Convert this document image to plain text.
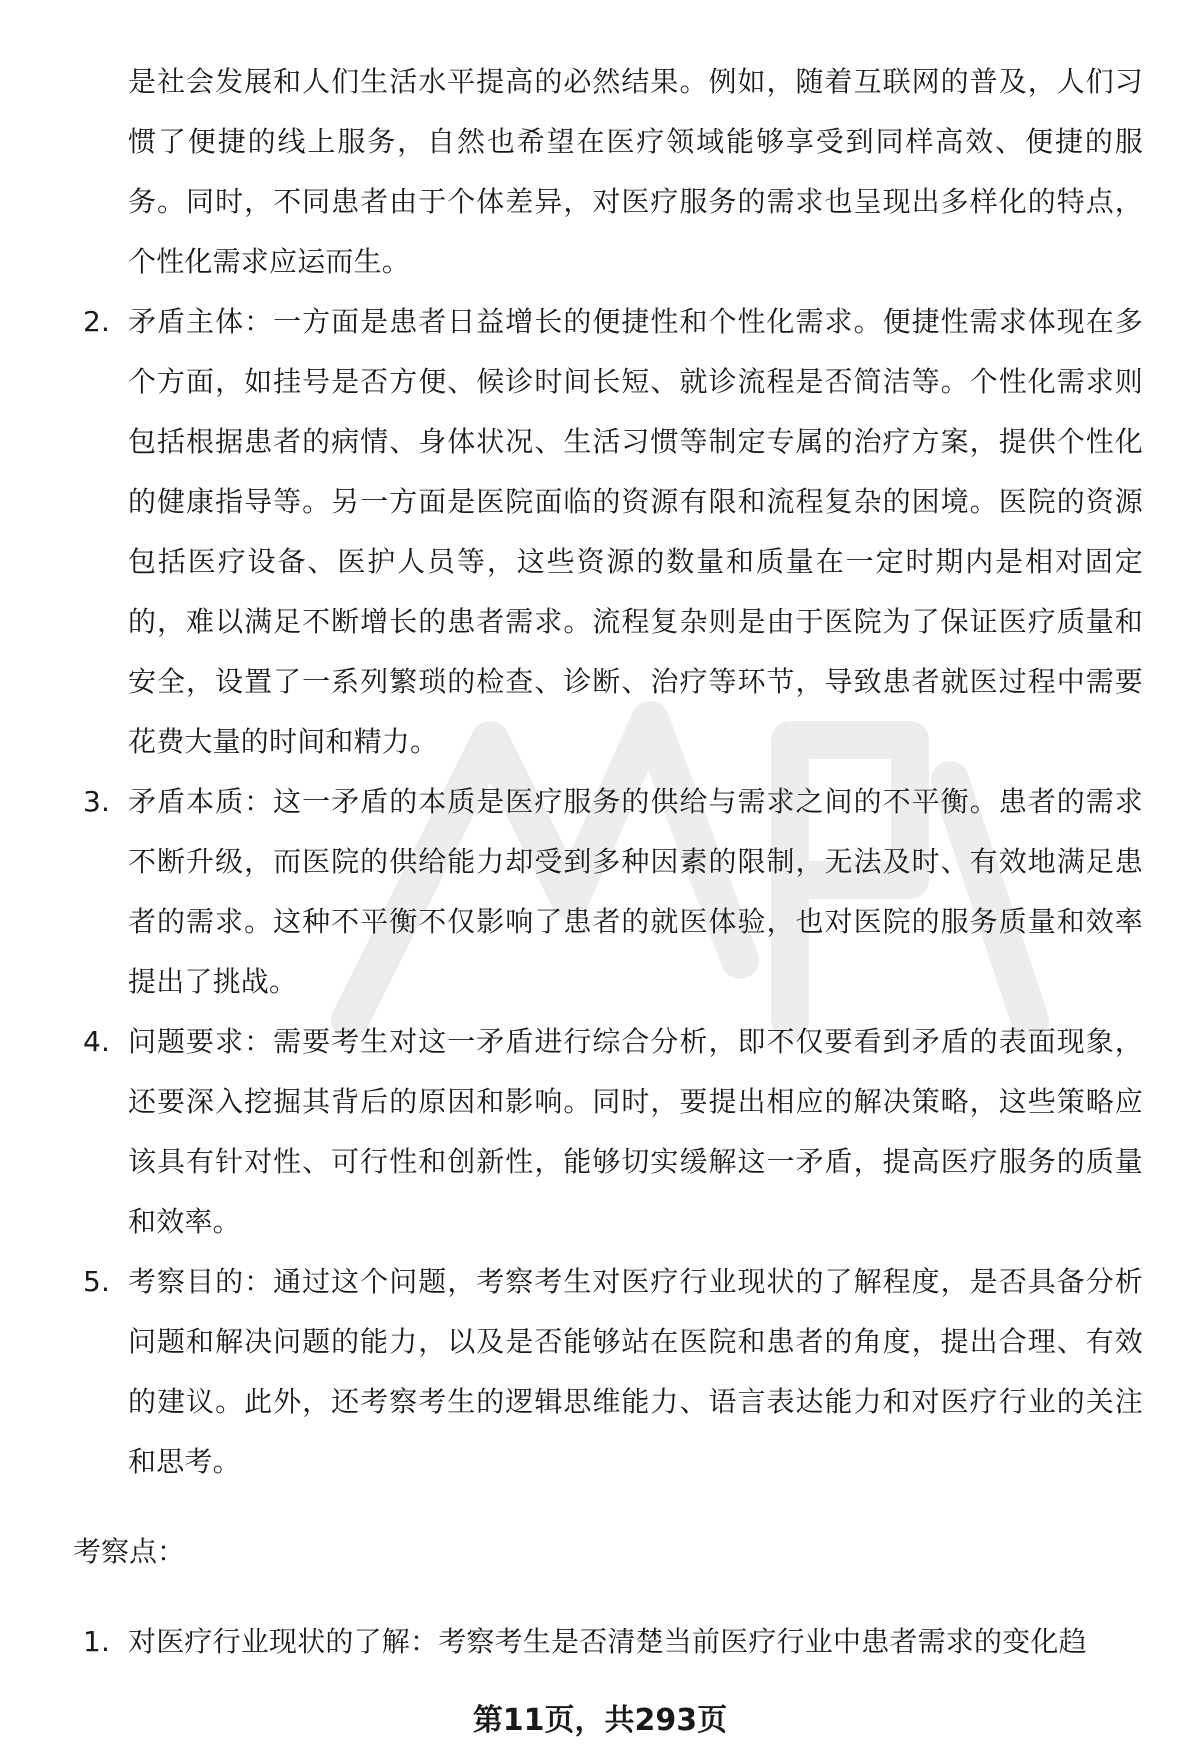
是社会发展和人们生活水平提高的必然结果。例如，随着互联网的普及，人们习惯了便捷的线上服务，自然也希望在医疗领域能够享受到同样高效、便捷的服务。同时，不同患者由于个体差异，对医疗服务的需求也呈现出多样化的特点，个性化需求应运而生。
2. 矛盾主体：一方面是患者日益增长的便捷性和个性化需求。便捷性需求体现在多个方面，如挂号是否方便、候诊时间长短、就诊流程是否简洁等。个性化需求则包括根据患者的病情、身体状况、生活习惯等制定专属的治疗方案，提供个性化的健康指导等。另一方面是医院面临的资源有限和流程复杂的困境。医院的资源包括医疗设备、医护人员等，这些资源的数量和质量在一定时期内是相对固定的，难以满足不断增长的患者需求。流程复杂则是由于医院为了保证医疗质量和安全，设置了一系列繁琐的检查、诊断、治疗等环节，导致患者就医过程中需要花费大量的时间和精力。
3. 矛盾本质：这一矛盾的本质是医疗服务的供给与需求之间的不平衡。患者的需求不断升级，而医院的供给能力却受到多种因素的限制，无法及时、有效地满足患者的需求。这种不平衡不仅影响了患者的就医体验，也对医院的服务质量和效率提出了挑战。
4. 问题要求：需要考生对这一矛盾进行综合分析，即不仅要看到矛盾的表面现象，还要深入挖掘其背后的原因和影响。同时，要提出相应的解决策略，这些策略应该具有针对性、可行性和创新性，能够切实缓解这一矛盾，提高医疗服务的质量和效率。
5. 考察目的：通过这个问题，考察考生对医疗行业现状的了解程度，是否具备分析问题和解决问题的能力，以及是否能够站在医院和患者的角度，提出合理、有效的建议。此外，还考察考生的逻辑思维能力、语言表达能力和对医疗行业的关注和思考。
考察点：
1. 对医疗行业现状的了解：考察考生是否清楚当前医疗行业中患者需求的变化趋
第11页，共293页
